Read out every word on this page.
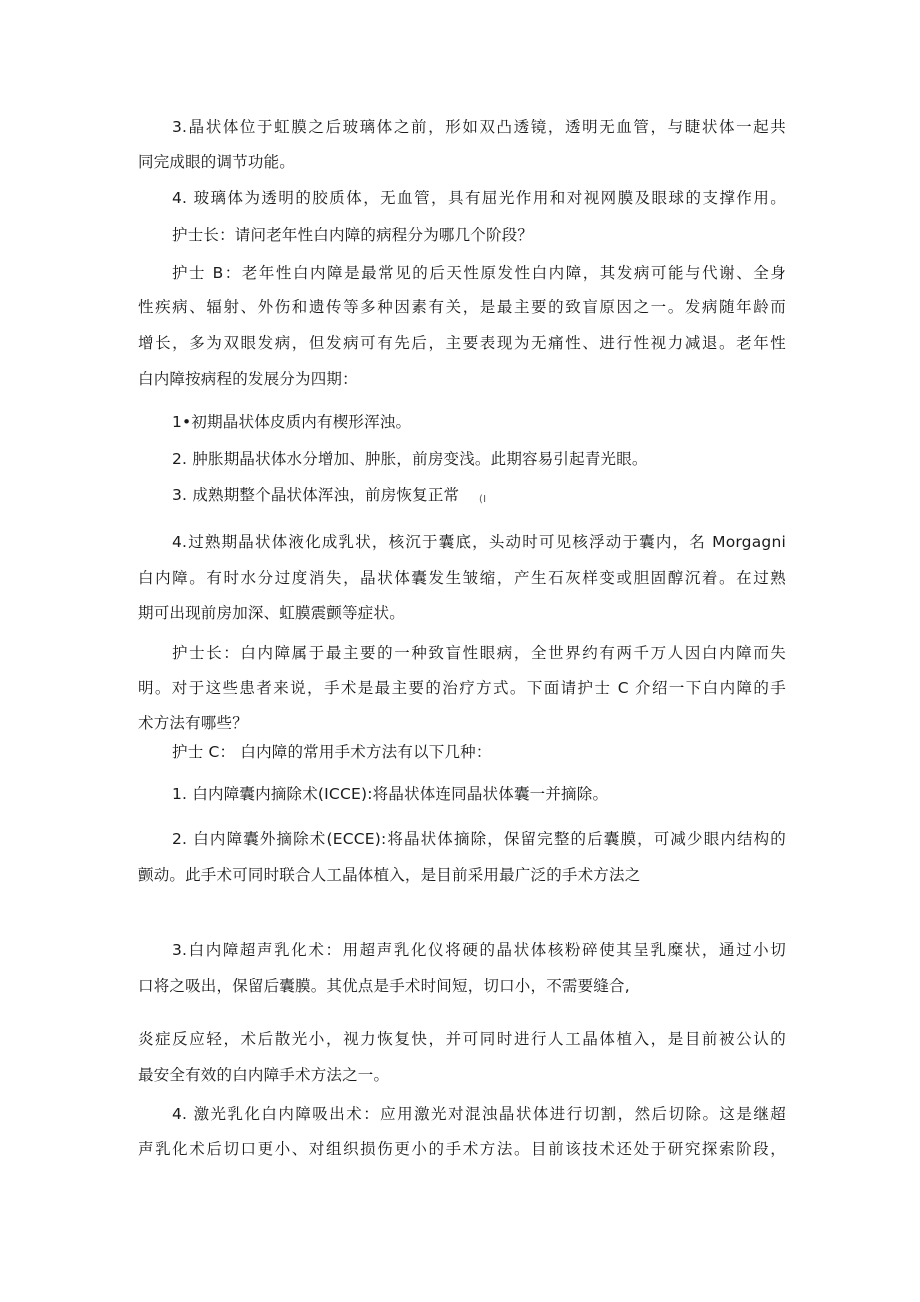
3.晶状体位于虹膜之后玻璃体之前，形如双凸透镜，透明无血管，与睫状体一起共
同完成眼的调节功能。
4. 玻璃体为透明的胶质体，无血管，具有屈光作用和对视网膜及眼球的支撑作用。
护士长：请问老年性白内障的病程分为哪几个阶段？
护士 B：老年性白内障是最常见的后天性原发性白内障，其发病可能与代谢、全身
性疾病、辐射、外伤和遗传等多种因素有关，是最主要的致盲原因之一。发病随年龄而
增长，多为双眼发病，但发病可有先后，主要表现为无痛性、进行性视力减退。老年性
白内障按病程的发展分为四期：
1•初期晶状体皮质内有楔形浑浊。
2. 肿胀期晶状体水分增加、肿胀，前房变浅。此期容易引起青光眼。
3. 成熟期整个晶状体浑浊，前房恢复正常 (I
4.过熟期晶状体液化成乳状，核沉于囊底，头动时可见核浮动于囊内，名 Morgagni
白内障。有时水分过度消失，晶状体囊发生皱缩，产生石灰样变或胆固醇沉着。在过熟
期可出现前房加深、虹膜震颤等症状。
护士长：白内障属于最主要的一种致盲性眼病，全世界约有两千万人因白内障而失
明。对于这些患者来说，手术是最主要的治疗方式。下面请护士 C 介绍一下白内障的手
术方法有哪些？
护士 C： 白内障的常用手术方法有以下几种：
1. 白内障囊内摘除术(ICCE):将晶状体连同晶状体囊一并摘除。
2. 白内障囊外摘除术(ECCE):将晶状体摘除，保留完整的后囊膜，可减少眼内结构的
颤动。此手术可同时联合人工晶体植入，是目前采用最广泛的手术方法之
3.白内障超声乳化术：用超声乳化仪将硬的晶状体核粉碎使其呈乳糜状，通过小切
口将之吸出，保留后囊膜。其优点是手术时间短，切口小，不需要缝合,
炎症反应轻，术后散光小，视力恢复快，并可同时进行人工晶体植入，是目前被公认的
最安全有效的白内障手术方法之一。
4. 激光乳化白内障吸出术：应用激光对混浊晶状体进行切割，然后切除。这是继超
声乳化术后切口更小、对组织损伤更小的手术方法。目前该技术还处于研究探索阶段，
